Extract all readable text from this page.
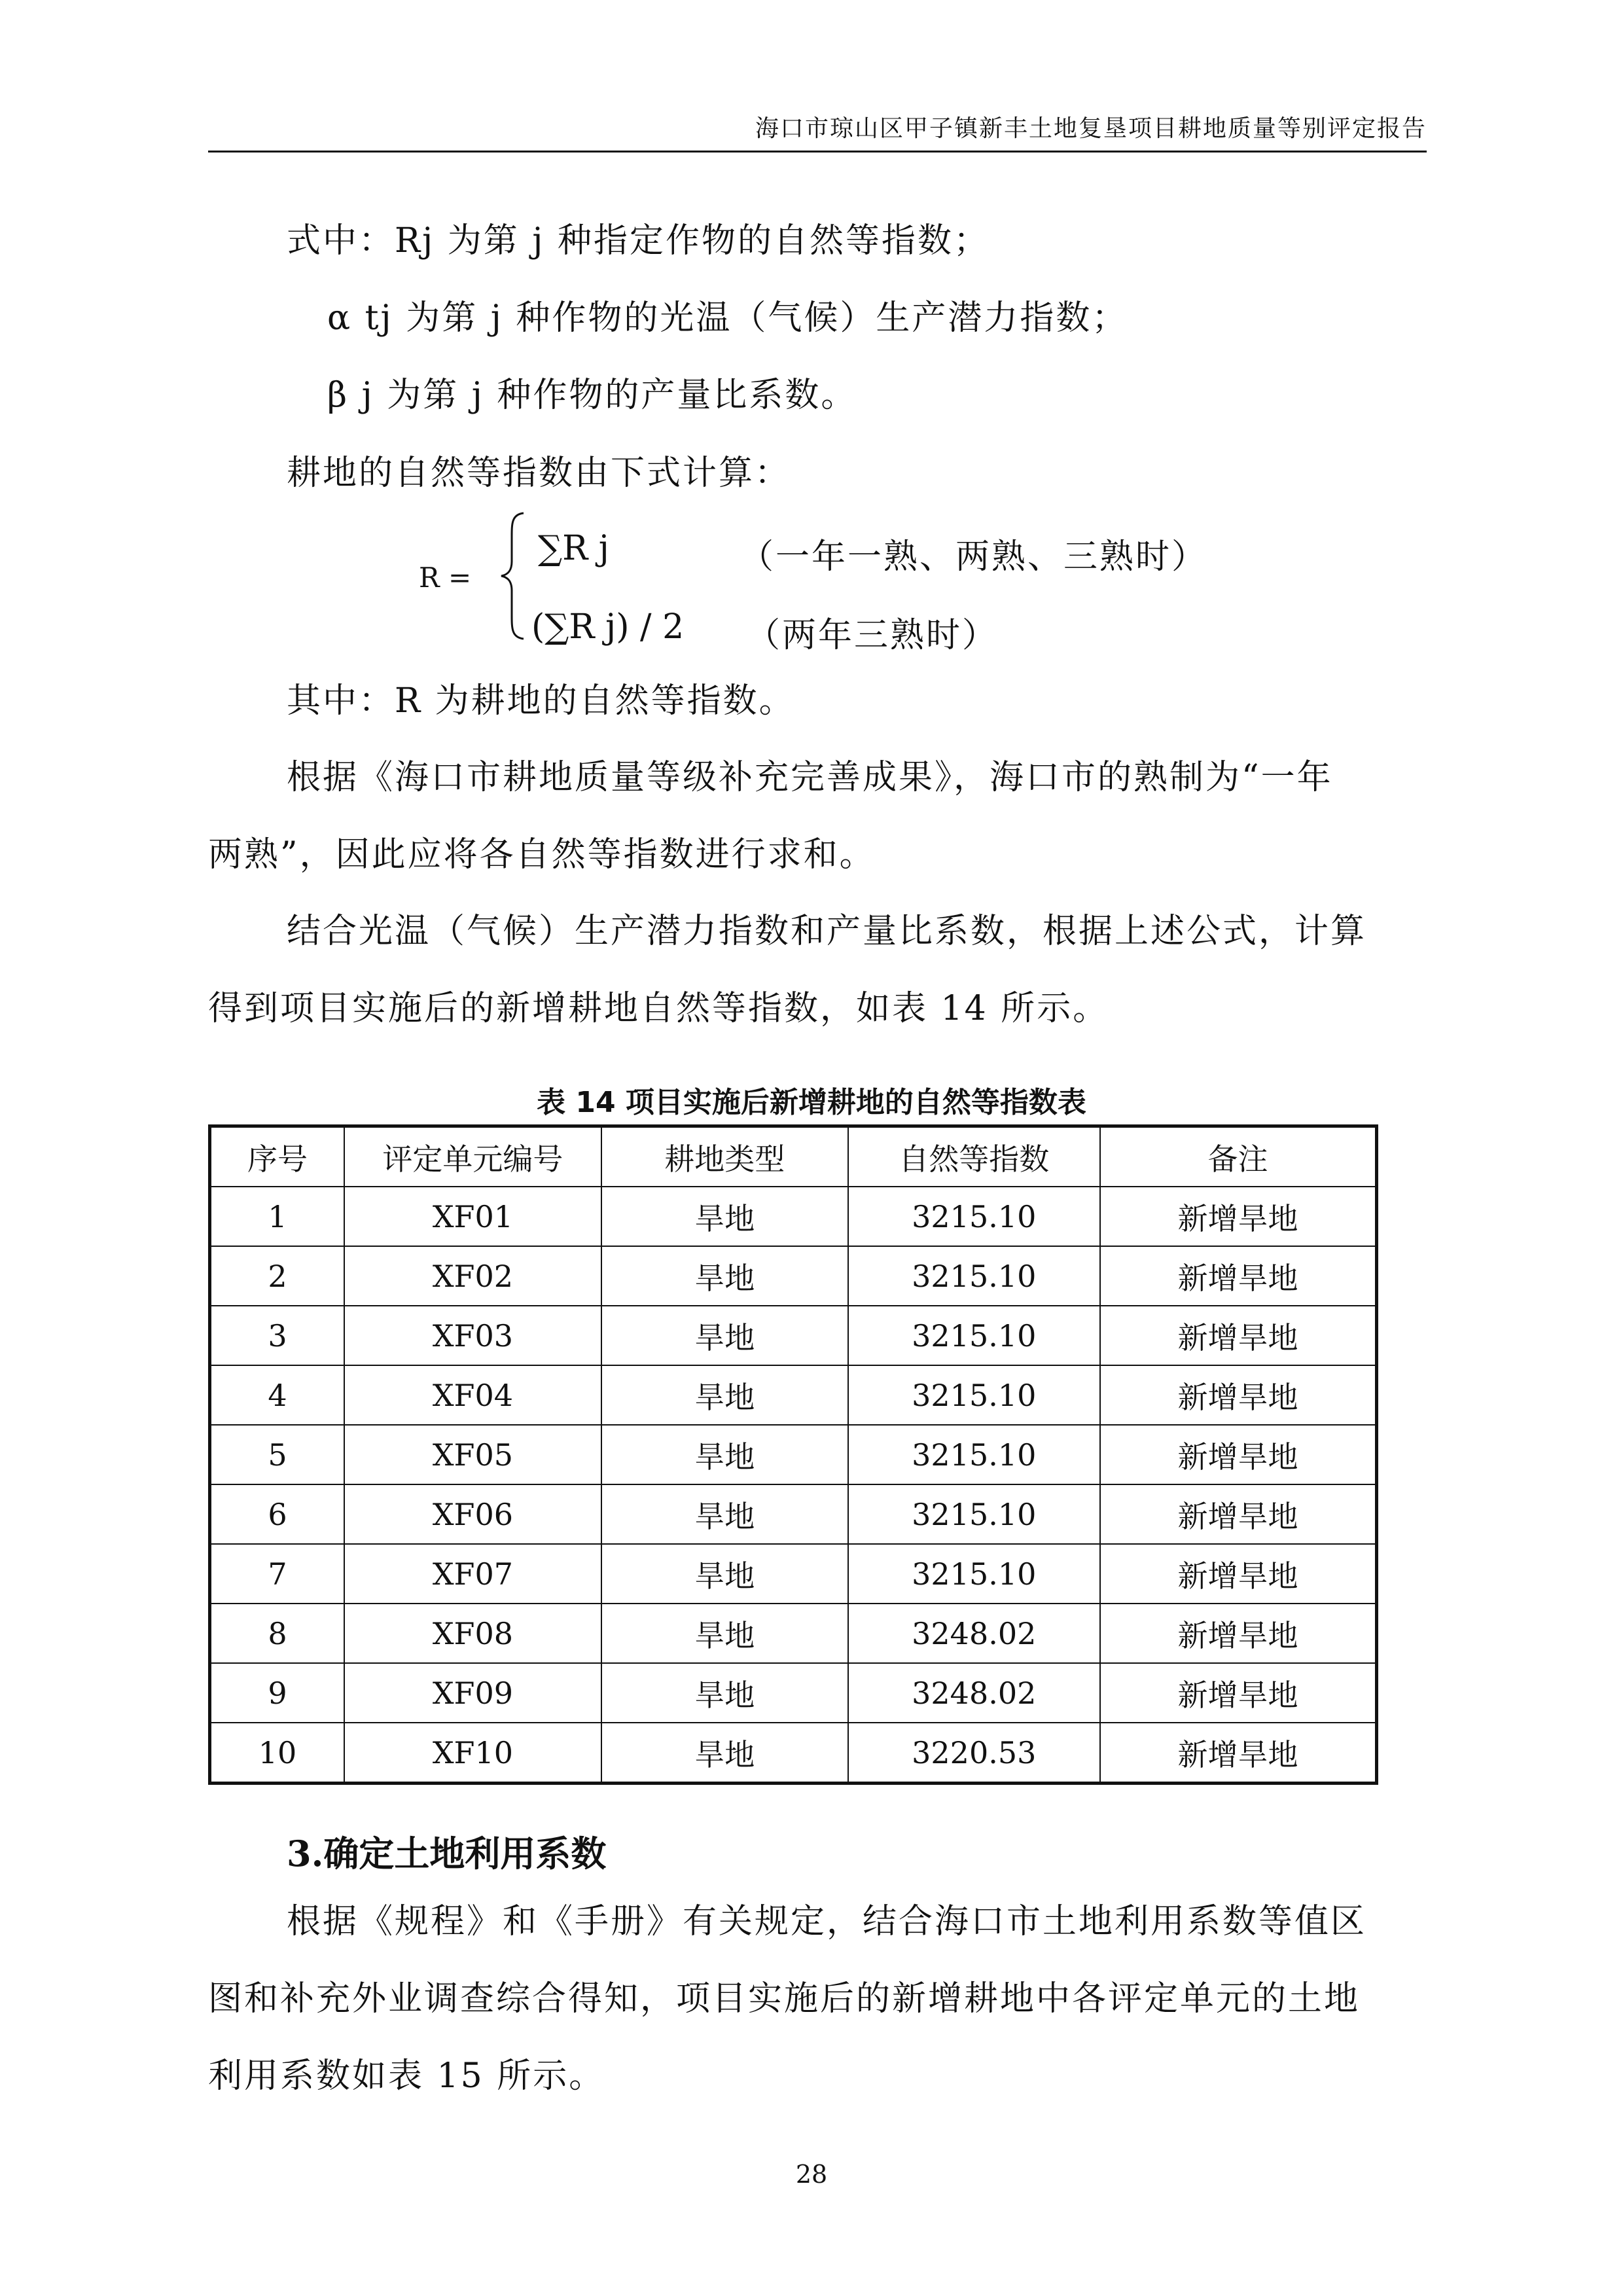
海口市琼山区甲子镇新丰土地复垦项目耕地质量等别评定报告
式中：Rj 为第 j 种指定作物的自然等指数；
α tj 为第 j 种作物的光温（气候）生产潜力指数；
β j 为第 j 种作物的产量比系数。
耕地的自然等指数由下式计算：
R =
∑R j	（一年一熟、两熟、三熟时）
(∑R j) / 2 （两年三熟时）
其中：R 为耕地的自然等指数。
根据《海口市耕地质量等级补充完善成果》，海口市的熟制为“一年
两熟”，因此应将各自然等指数进行求和。
结合光温（气候）生产潜力指数和产量比系数，根据上述公式，计算
得到项目实施后的新增耕地自然等指数，如表 14 所示。
表 14 项目实施后新增耕地的自然等指数表
序号	评定单元编号	耕地类型	自然等指数	备注
1	XF01	旱地	3215.10	新增旱地
2	XF02	旱地	3215.10	新增旱地
3	XF03	旱地	3215.10	新增旱地
4	XF04	旱地	3215.10	新增旱地
5	XF05	旱地	3215.10	新增旱地
6	XF06	旱地	3215.10	新增旱地
7	XF07	旱地	3215.10	新增旱地
8	XF08	旱地	3248.02	新增旱地
9	XF09	旱地	3248.02	新增旱地
10	XF10	旱地	3220.53	新增旱地
3.确定土地利用系数
根据《规程》和《手册》有关规定，结合海口市土地利用系数等值区
图和补充外业调查综合得知，项目实施后的新增耕地中各评定单元的土地
利用系数如表 15 所示。
28
